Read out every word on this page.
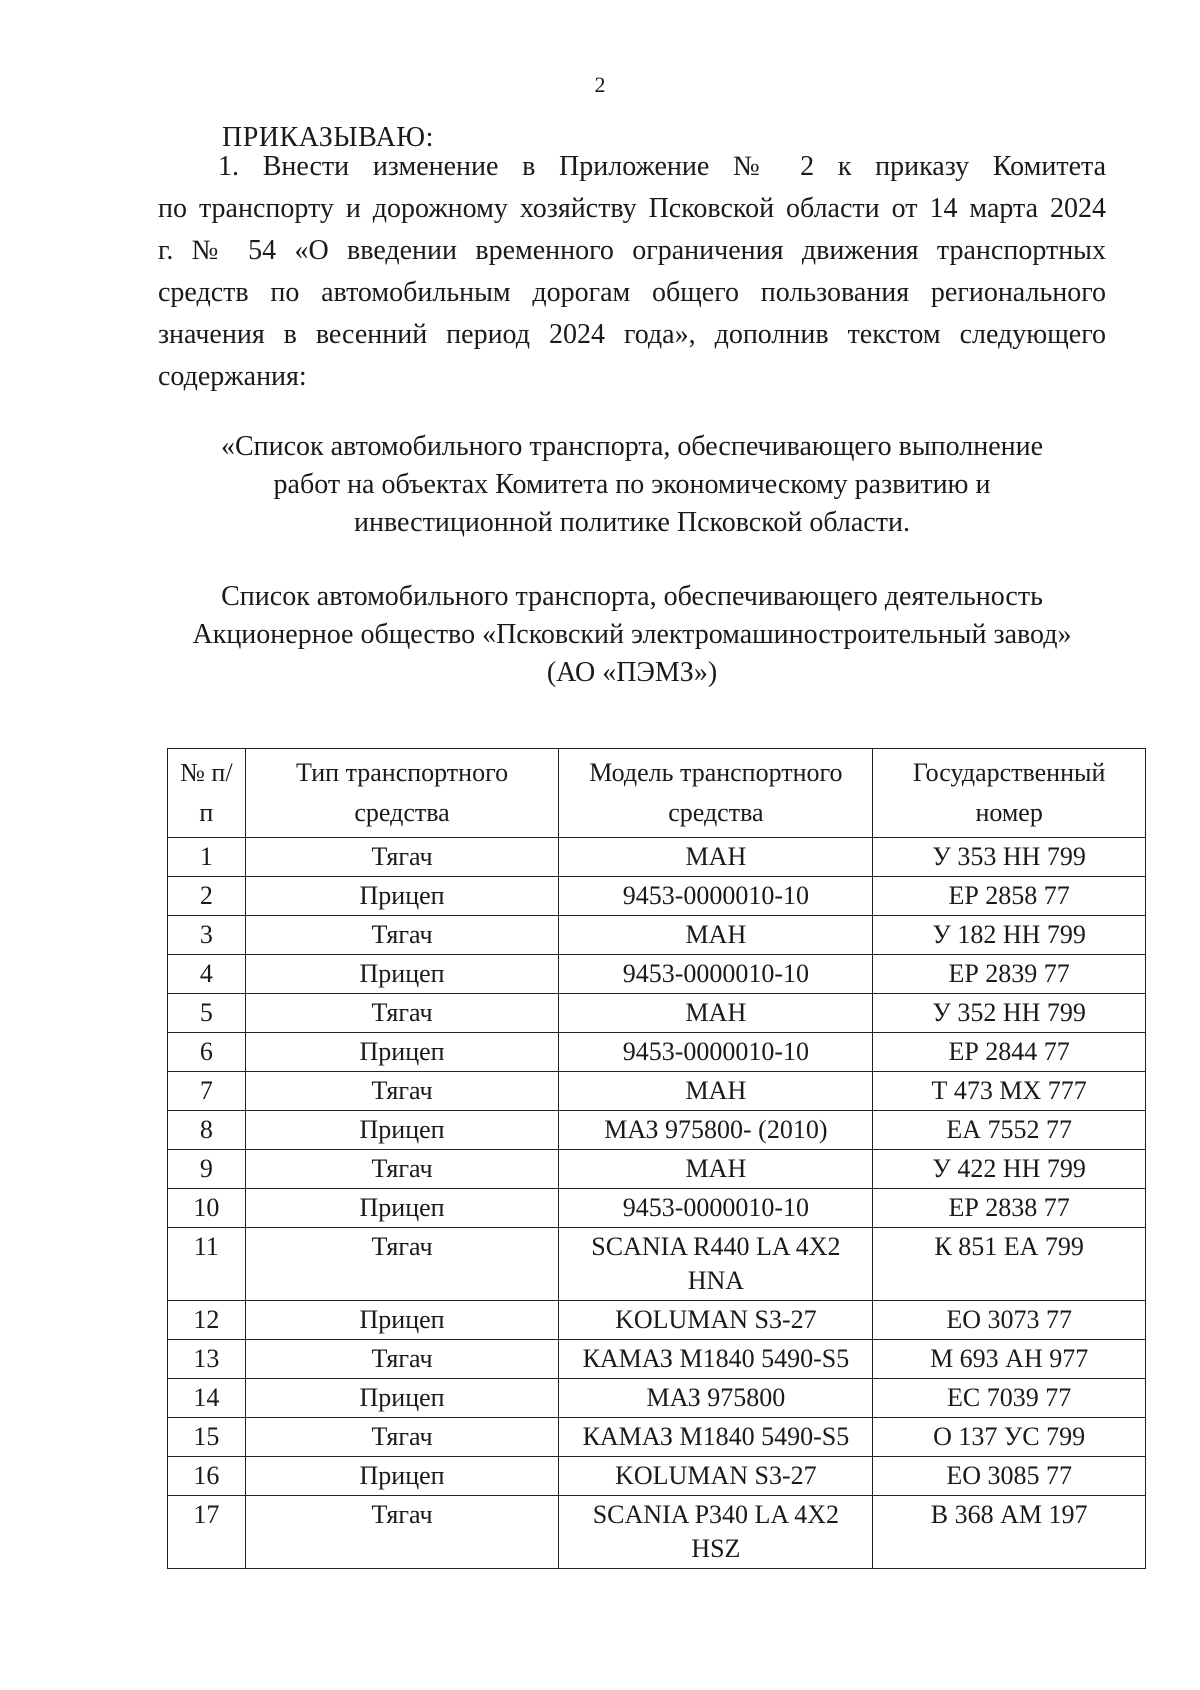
2
ПРИКАЗЫВАЮ:
1. Внести изменение в Приложение № 2 к приказу Комитета
по транспорту и дорожному хозяйству Псковской области от 14 марта 2024
г. № 54 «О введении временного ограничения движения транспортных
средств по автомобильным дорогам общего пользования регионального
значения в весенний период 2024 года», дополнив текстом следующего
содержания:
«Список автомобильного транспорта, обеспечивающего выполнение
работ на объектах Комитета по экономическому развитию и
инвестиционной политике Псковской области.
Список автомобильного транспорта, обеспечивающего деятельность
Акционерное общество «Псковский электромашиностроительный завод»
(АО «ПЭМЗ»)
№ п/п	Тип транспортного средства	Модель транспортного средства	Государственный номер
1	Тягач	МАН	У 353 НН 799
2	Прицеп	9453-0000010-10	ЕР 2858 77
3	Тягач	МАН	У 182 НН 799
4	Прицеп	9453-0000010-10	ЕР 2839 77
5	Тягач	МАН	У 352 НН 799
6	Прицеп	9453-0000010-10	ЕР 2844 77
7	Тягач	МАН	Т 473 МХ 777
8	Прицеп	МАЗ 975800- (2010)	ЕА 7552 77
9	Тягач	МАН	У 422 НН 799
10	Прицеп	9453-0000010-10	ЕР 2838 77
11	Тягач	SCANIA R440 LA 4X2 HNA	К 851 ЕА 799
12	Прицеп	KOLUMAN S3-27	ЕО 3073 77
13	Тягач	КАМАЗ М1840 5490-S5	М 693 АН 977
14	Прицеп	МАЗ 975800	ЕС 7039 77
15	Тягач	КАМАЗ М1840 5490-S5	О 137 УС 799
16	Прицеп	KOLUMAN S3-27	ЕО 3085 77
17	Тягач	SCANIA P340 LA 4X2 HSZ	В 368 АМ 197
